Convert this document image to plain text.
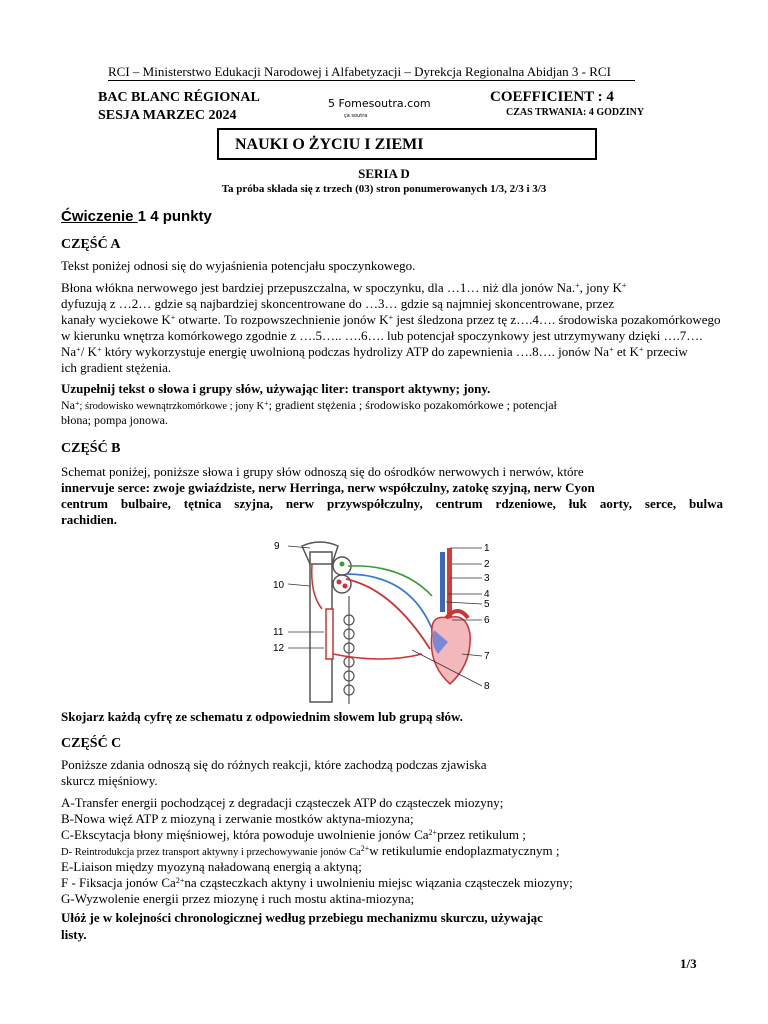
RCI – Ministerstwo Edukacji Narodowej i Alfabetyzacji – Dyrekcja Regionalna Abidjan 3 - RCI
BAC BLANC RÉGIONAL
SESJA MARZEC 2024
5 Fomesoutra.com
ça soutra
COEFFICIENT : 4
CZAS TRWANIA: 4 GODZINY
NAUKI O ŻYCIU I ZIEMI
SERIA D
Ta próba składa się z trzech (03) stron ponumerowanych 1/3, 2/3 i 3/3
Ćwiczenie 1 4 punkty
CZĘŚĆ A
Tekst poniżej odnosi się do wyjaśnienia potencjału spoczynkowego.
Błona włókna nerwowego jest bardziej przepuszczalna, w spoczynku, dla …1… niż dla jonów Na.+, jony K+
dyfuzują z …2… gdzie są najbardziej skoncentrowane do …3… gdzie są najmniej skoncentrowane, przez
kanały wyciekowe K+ otwarte. To rozpowszechnienie jonów K+ jest śledzona przez tę z….4…. środowiska pozakomórkowego
w kierunku wnętrza komórkowego zgodnie z ….5….. ….6…. lub potencjał spoczynkowy jest utrzymywany dzięki ….7….
Na+/ K+ który wykorzystuje energię uwolnioną podczas hydrolizy ATP do zapewnienia ….8…. jonów Na+ et K+ przeciw
ich gradient stężenia.
Uzupełnij tekst o słowa i grupy słów, używając liter: transport aktywny; jony.
Na+; środowisko wewnątrzkomórkowe ; jony K+; gradient stężenia ; środowisko pozakomórkowe ; potencjał
błona; pompa jonowa.
CZĘŚĆ B
Schemat poniżej, poniższe słowa i grupy słów odnoszą się do ośrodków nerwowych i nerwów, które
innervuje serce: zwoje gwiaździste, nerw Herringa, nerw współczulny, zatokę szyjną, nerw Cyon
centrum bulbaire, tętnica szyjna, nerw przywspółczulny, centrum rdzeniowe, łuk aorty, serce, bulwa
rachidien.
9
10
11
12
1
2
3
4
5
6
7
8
Skojarz każdą cyfrę ze schematu z odpowiednim słowem lub grupą słów.
CZĘŚĆ C
Poniższe zdania odnoszą się do różnych reakcji, które zachodzą podczas zjawiska
skurcz mięśniowy.
A-Transfer energii pochodzącej z degradacji cząsteczek ATP do cząsteczek miozyny;
B-Nowa więź ATP z miozyną i zerwanie mostków aktyna-miozyna;
C-Ekscytacja błony mięśniowej, która powoduje uwolnienie jonów $Ca^{2+}przez$ retikulum ;
D- Reintrodukcja przez transport aktywny i przechowywanie jonów $Ca^{2+}w$ retikulumie endoplazmatycznym ;
E-Liaison między myozyną naładowaną energią a aktyną;
F - Fiksacja jonów $Ca^{2+}na$ cząsteczkach aktyny i uwolnieniu miejsc wiązania cząsteczek miozyny;
G-Wyzwolenie energii przez miozynę i ruch mostu aktina-miozyna;
Ułóż je w kolejności chronologicznej według przebiegu mechanizmu skurczu, używając
listy.
1/3
